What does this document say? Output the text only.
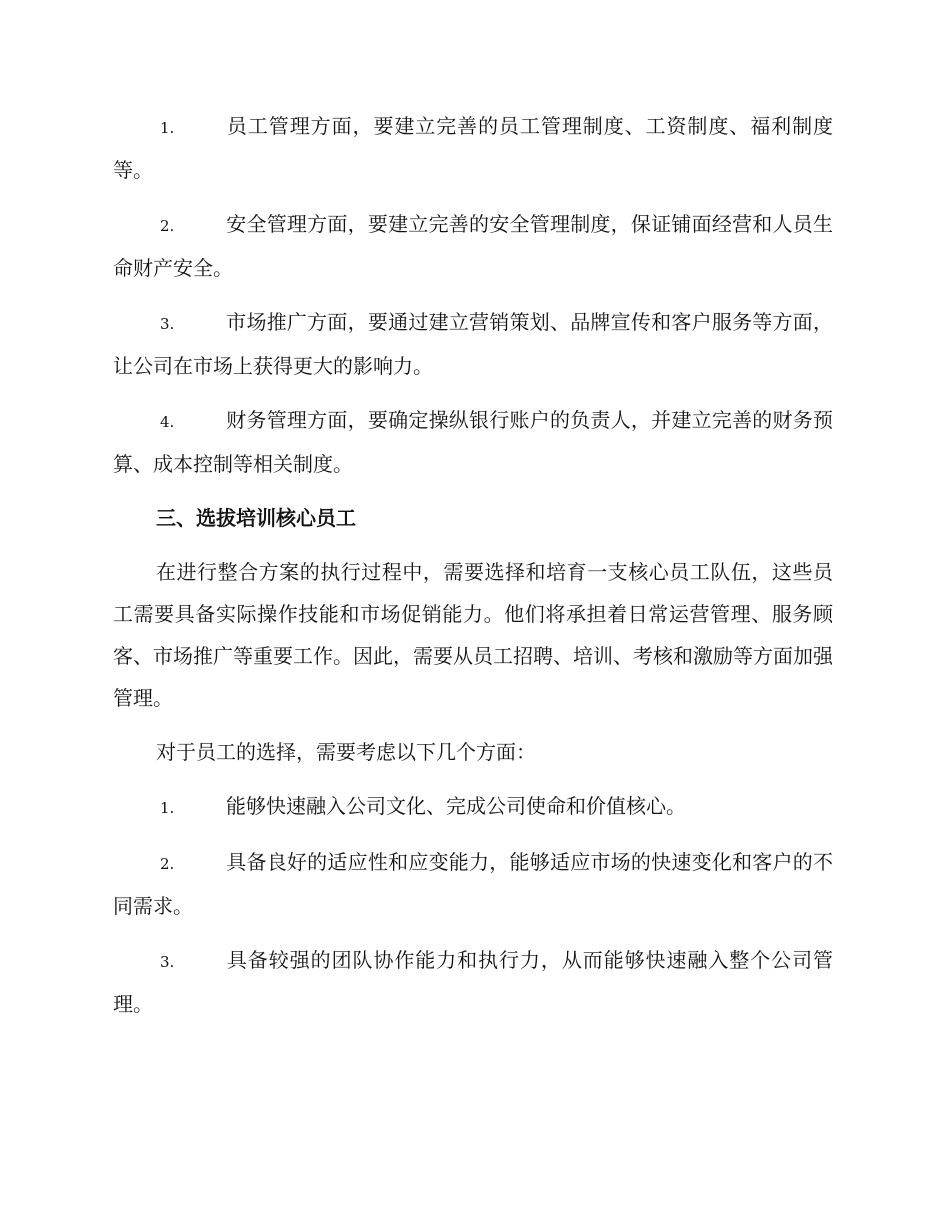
1.	员工管理方面，要建立完善的员工管理制度、工资制度、福利制度等。

2.	安全管理方面，要建立完善的安全管理制度，保证铺面经营和人员生命财产安全。

3.	市场推广方面，要通过建立营销策划、品牌宣传和客户服务等方面，让公司在市场上获得更大的影响力。

4.	财务管理方面，要确定操纵银行账户的负责人，并建立完善的财务预算、成本控制等相关制度。

三、选拔培训核心员工

在进行整合方案的执行过程中，需要选择和培育一支核心员工队伍，这些员工需要具备实际操作技能和市场促销能力。他们将承担着日常运营管理、服务顾客、市场推广等重要工作。因此，需要从员工招聘、培训、考核和激励等方面加强管理。

对于员工的选择，需要考虑以下几个方面：

1.	能够快速融入公司文化、完成公司使命和价值核心。

2.	具备良好的适应性和应变能力，能够适应市场的快速变化和客户的不同需求。

3.	具备较强的团队协作能力和执行力，从而能够快速融入整个公司管理。
